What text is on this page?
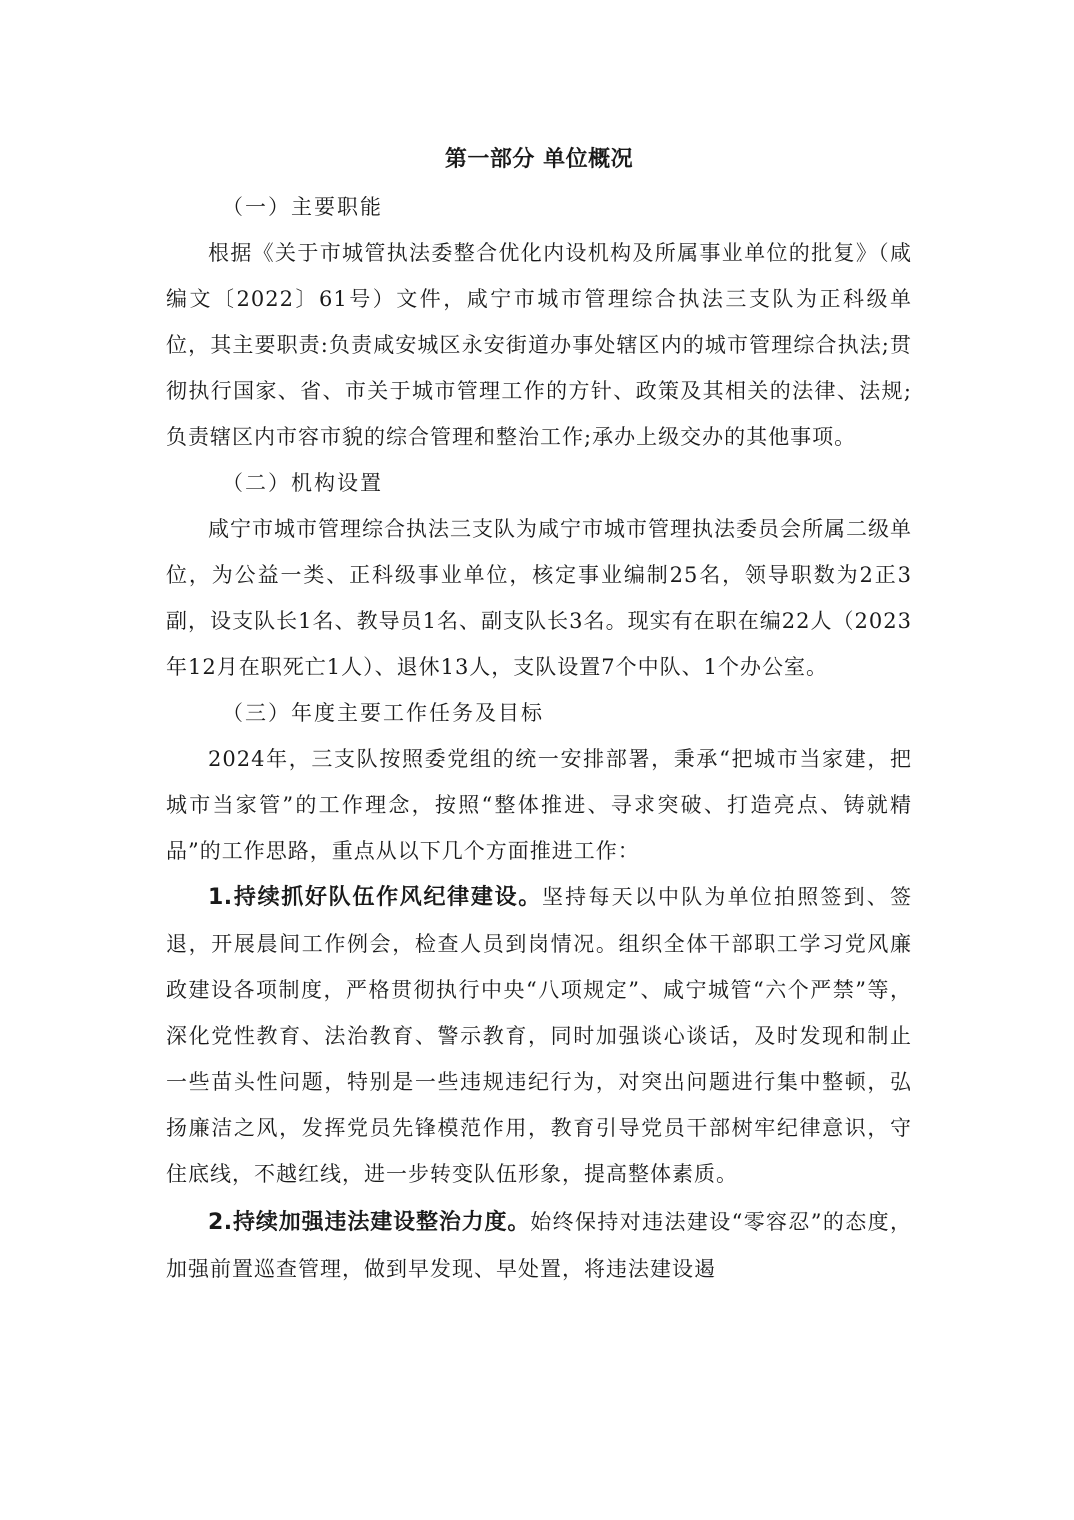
第一部分 单位概况
（一）主要职能

根据《关于市城管执法委整合优化内设机构及所属事业单位的批复》（咸编文〔2022〕61号）文件，咸宁市城市管理综合执法三支队为正科级单位，其主要职责:负责咸安城区永安街道办事处辖区内的城市管理综合执法;贯彻执行国家、省、市关于城市管理工作的方针、政策及其相关的法律、法规;负责辖区内市容市貌的综合管理和整治工作;承办上级交办的其他事项。

（二）机构设置

咸宁市城市管理综合执法三支队为咸宁市城市管理执法委员会所属二级单位，为公益一类、正科级事业单位，核定事业编制25名，领导职数为2正3副，设支队长1名、教导员1名、副支队长3名。现实有在职在编22人（2023年12月在职死亡1人）、退休13人，支队设置7个中队、1个办公室。

（三）年度主要工作任务及目标

2024年，三支队按照委党组的统一安排部署，秉承“把城市当家建，把城市当家管”的工作理念，按照“整体推进、寻求突破、打造亮点、铸就精品”的工作思路，重点从以下几个方面推进工作：

1.持续抓好队伍作风纪律建设。坚持每天以中队为单位拍照签到、签退，开展晨间工作例会，检查人员到岗情况。组织全体干部职工学习党风廉政建设各项制度，严格贯彻执行中央“八项规定”、咸宁城管“六个严禁”等，深化党性教育、法治教育、警示教育，同时加强谈心谈话，及时发现和制止一些苗头性问题，特别是一些违规违纪行为，对突出问题进行集中整顿，弘扬廉洁之风，发挥党员先锋模范作用，教育引导党员干部树牢纪律意识，守住底线，不越红线，进一步转变队伍形象，提高整体素质。

2.持续加强违法建设整治力度。始终保持对违法建设“零容忍”的态度，加强前置巡查管理，做到早发现、早处置，将违法建设遏
